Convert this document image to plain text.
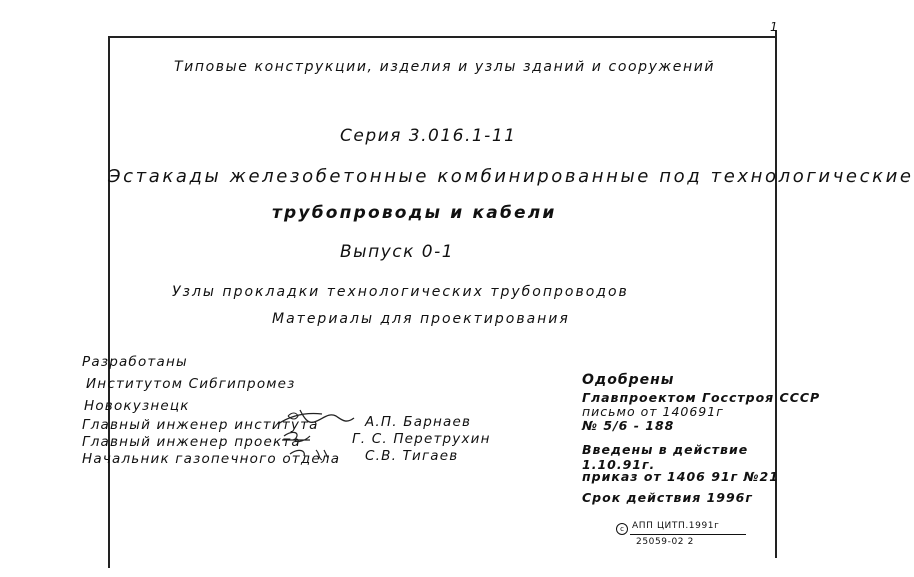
1
Типовые конструкции, изделия и узлы зданий и сооружений
Серия 3.016.1-11
Эстакады железобетонные комбинированные под технологические
трубопроводы и кабели
Выпуск 0-1
Узлы прокладки технологических трубопроводов
Материалы для проектирования
Разработаны
Институтом Сибгипромез
Новокузнецк
Главный инженер института
Главный инженер проекта
Начальник газопечного отдела
А.П. Барнаев
Г. С. Перетрухин
С.В. Тигаев
Одобрены
Главпроектом Госстроя СССР
письмо от 140691г
№ 5/6 - 188
Введены в действие
1.10.91г.
приказ от 1406 91г №21
Срок действия 1996г
c АПП ЦИТП.1991г
25059-02 2
